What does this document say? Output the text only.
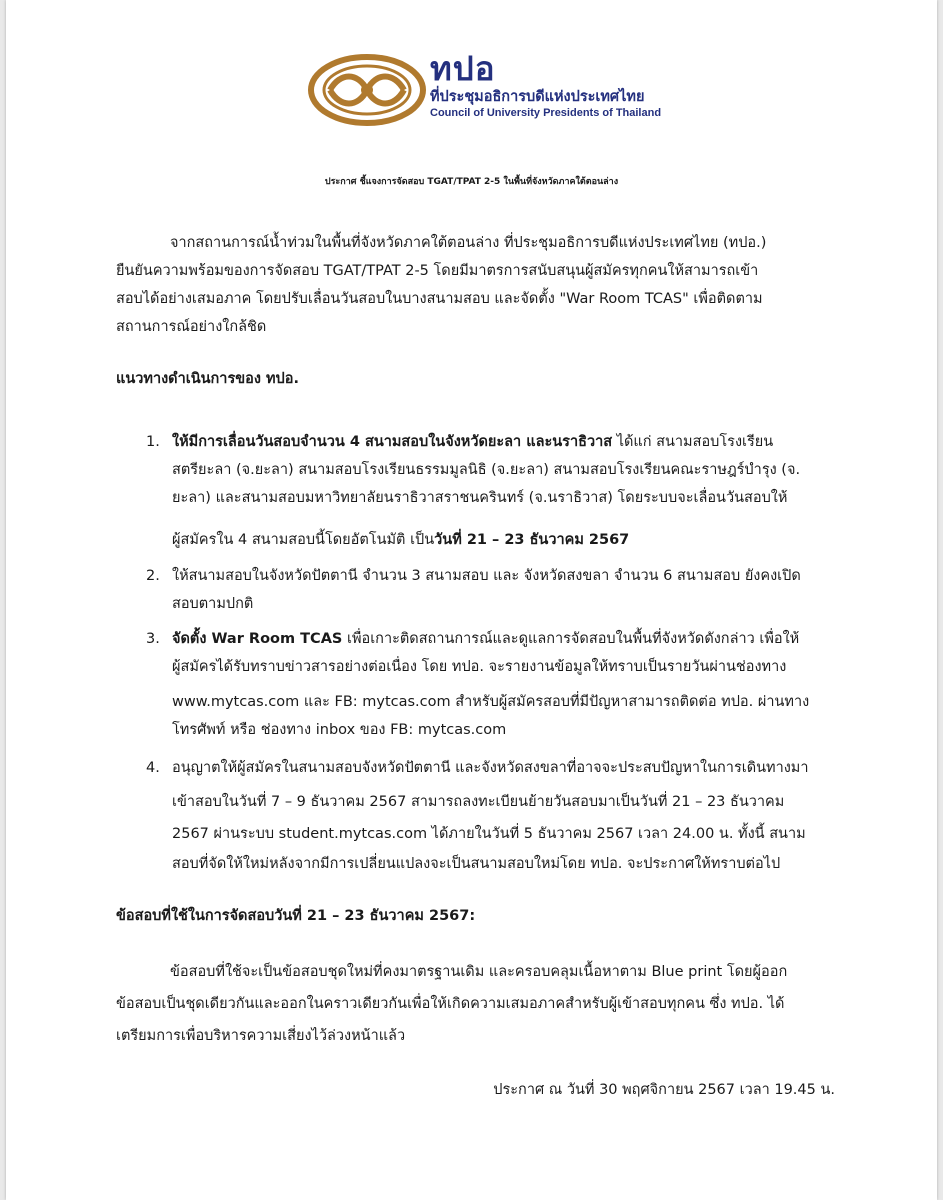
ทปอ
ที่ประชุมอธิการบดีแห่งประเทศไทย
Council of University Presidents of Thailand
ประกาศ ชี้แจงการจัดสอบ TGAT/TPAT 2-5 ในพื้นที่จังหวัดภาคใต้ตอนล่าง
จากสถานการณ์น้ำท่วมในพื้นที่จังหวัดภาคใต้ตอนล่าง ที่ประชุมอธิการบดีแห่งประเทศไทย (ทปอ.)
ยืนยันความพร้อมของการจัดสอบ TGAT/TPAT 2-5 โดยมีมาตรการสนับสนุนผู้สมัครทุกคนให้สามารถเข้า
สอบได้อย่างเสมอภาค โดยปรับเลื่อนวันสอบในบางสนามสอบ และจัดตั้ง "War Room TCAS" เพื่อติดตาม
สถานการณ์อย่างใกล้ชิด
แนวทางดำเนินการของ ทปอ.
1. ให้มีการเลื่อนวันสอบจำนวน 4 สนามสอบในจังหวัดยะลา และนราธิวาส ได้แก่ สนามสอบโรงเรียน
สตรียะลา (จ.ยะลา) สนามสอบโรงเรียนธรรมมูลนิธิ (จ.ยะลา) สนามสอบโรงเรียนคณะราษฎร์บำรุง (จ.
ยะลา) และสนามสอบมหาวิทยาลัยนราธิวาสราชนครินทร์ (จ.นราธิวาส) โดยระบบจะเลื่อนวันสอบให้
ผู้สมัครใน 4 สนามสอบนี้โดยอัตโนมัติ เป็นวันที่ 21 – 23 ธันวาคม 2567
2. ให้สนามสอบในจังหวัดปัตตานี จำนวน 3 สนามสอบ และ จังหวัดสงขลา จำนวน 6 สนามสอบ ยังคงเปิด
สอบตามปกติ
3. จัดตั้ง War Room TCAS เพื่อเกาะติดสถานการณ์และดูแลการจัดสอบในพื้นที่จังหวัดดังกล่าว เพื่อให้
ผู้สมัครได้รับทราบข่าวสารอย่างต่อเนื่อง โดย ทปอ. จะรายงานข้อมูลให้ทราบเป็นรายวันผ่านช่องทาง
www.mytcas.com และ FB: mytcas.com สำหรับผู้สมัครสอบที่มีปัญหาสามารถติดต่อ ทปอ. ผ่านทาง
โทรศัพท์ หรือ ช่องทาง inbox ของ FB: mytcas.com
4. อนุญาตให้ผู้สมัครในสนามสอบจังหวัดปัตตานี และจังหวัดสงขลาที่อาจจะประสบปัญหาในการเดินทางมา
เข้าสอบในวันที่ 7 – 9 ธันวาคม 2567 สามารถลงทะเบียนย้ายวันสอบมาเป็นวันที่ 21 – 23 ธันวาคม
2567 ผ่านระบบ student.mytcas.com ได้ภายในวันที่ 5 ธันวาคม 2567 เวลา 24.00 น. ทั้งนี้ สนาม
สอบที่จัดให้ใหม่หลังจากมีการเปลี่ยนแปลงจะเป็นสนามสอบใหม่โดย ทปอ. จะประกาศให้ทราบต่อไป
ข้อสอบที่ใช้ในการจัดสอบวันที่ 21 – 23 ธันวาคม 2567:
ข้อสอบที่ใช้จะเป็นข้อสอบชุดใหม่ที่คงมาตรฐานเดิม และครอบคลุมเนื้อหาตาม Blue print โดยผู้ออก
ข้อสอบเป็นชุดเดียวกันและออกในคราวเดียวกันเพื่อให้เกิดความเสมอภาคสำหรับผู้เข้าสอบทุกคน ซึ่ง ทปอ. ได้
เตรียมการเพื่อบริหารความเสี่ยงไว้ล่วงหน้าแล้ว
ประกาศ ณ วันที่ 30 พฤศจิกายน 2567 เวลา 19.45 น.
